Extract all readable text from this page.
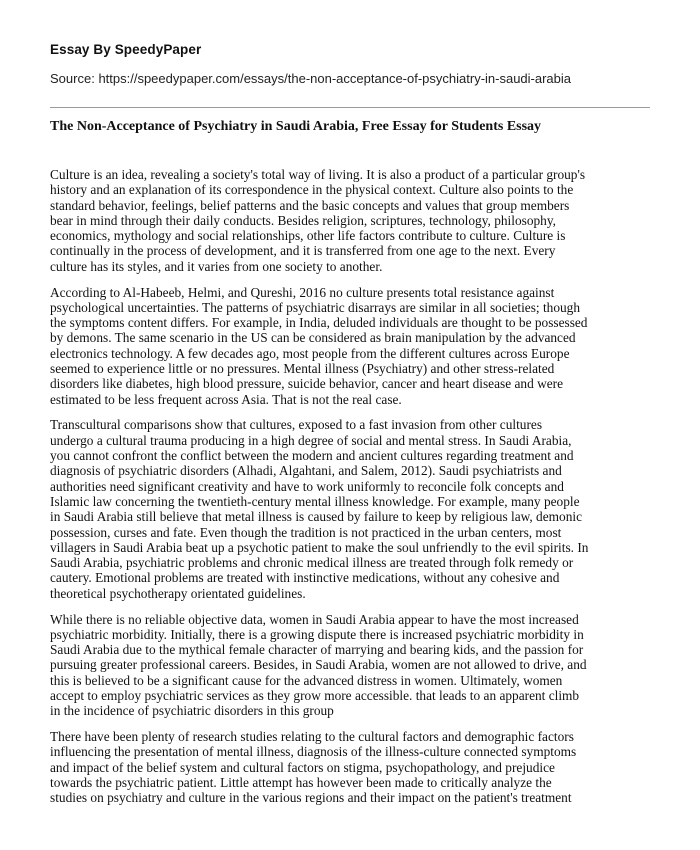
Essay By SpeedyPaper
Source: https://speedypaper.com/essays/the-non-acceptance-of-psychiatry-in-saudi-arabia
The Non-Acceptance of Psychiatry in Saudi Arabia, Free Essay for Students Essay
Culture is an idea, revealing a society's total way of living. It is also a product of a particular group's
history and an explanation of its correspondence in the physical context. Culture also points to the
standard behavior, feelings, belief patterns and the basic concepts and values that group members
bear in mind through their daily conducts. Besides religion, scriptures, technology, philosophy,
economics, mythology and social relationships, other life factors contribute to culture. Culture is
continually in the process of development, and it is transferred from one age to the next. Every
culture has its styles, and it varies from one society to another.
According to Al-Habeeb, Helmi, and Qureshi, 2016 no culture presents total resistance against
psychological uncertainties. The patterns of psychiatric disarrays are similar in all societies; though
the symptoms content differs. For example, in India, deluded individuals are thought to be possessed
by demons. The same scenario in the US can be considered as brain manipulation by the advanced
electronics technology. A few decades ago, most people from the different cultures across Europe
seemed to experience little or no pressures. Mental illness (Psychiatry) and other stress-related
disorders like diabetes, high blood pressure, suicide behavior, cancer and heart disease and were
estimated to be less frequent across Asia. That is not the real case.
Transcultural comparisons show that cultures, exposed to a fast invasion from other cultures
undergo a cultural trauma producing in a high degree of social and mental stress. In Saudi Arabia,
you cannot confront the conflict between the modern and ancient cultures regarding treatment and
diagnosis of psychiatric disorders (Alhadi, Algahtani, and Salem, 2012). Saudi psychiatrists and
authorities need significant creativity and have to work uniformly to reconcile folk concepts and
Islamic law concerning the twentieth-century mental illness knowledge. For example, many people
in Saudi Arabia still believe that metal illness is caused by failure to keep by religious law, demonic
possession, curses and fate. Even though the tradition is not practiced in the urban centers, most
villagers in Saudi Arabia beat up a psychotic patient to make the soul unfriendly to the evil spirits. In
Saudi Arabia, psychiatric problems and chronic medical illness are treated through folk remedy or
cautery. Emotional problems are treated with instinctive medications, without any cohesive and
theoretical psychotherapy orientated guidelines.
While there is no reliable objective data, women in Saudi Arabia appear to have the most increased
psychiatric morbidity. Initially, there is a growing dispute there is increased psychiatric morbidity in
Saudi Arabia due to the mythical female character of marrying and bearing kids, and the passion for
pursuing greater professional careers. Besides, in Saudi Arabia, women are not allowed to drive, and
this is believed to be a significant cause for the advanced distress in women. Ultimately, women
accept to employ psychiatric services as they grow more accessible. that leads to an apparent climb
in the incidence of psychiatric disorders in this group
There have been plenty of research studies relating to the cultural factors and demographic factors
influencing the presentation of mental illness, diagnosis of the illness-culture connected symptoms
and impact of the belief system and cultural factors on stigma, psychopathology, and prejudice
towards the psychiatric patient. Little attempt has however been made to critically analyze the
studies on psychiatry and culture in the various regions and their impact on the patient's treatment
